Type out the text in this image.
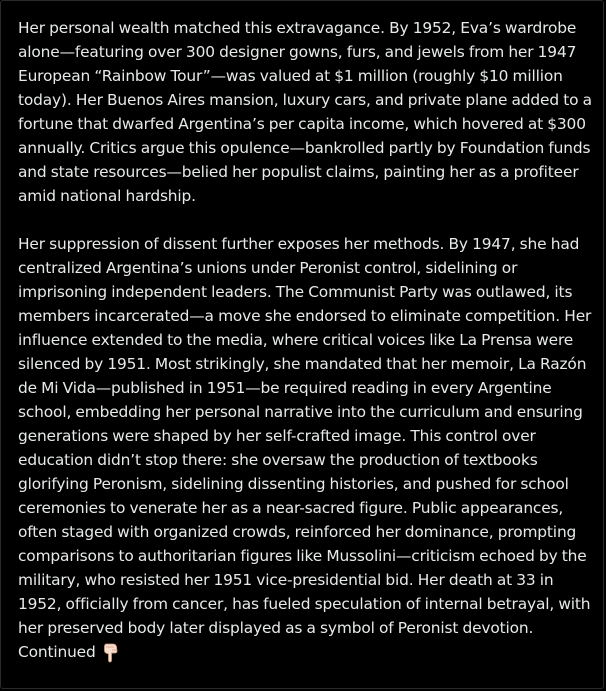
Her personal wealth matched this extravagance. By 1952, Eva’s wardrobe alone—featuring over 300 designer gowns, furs, and jewels from her 1947 European “Rainbow Tour”—was valued at $1 million (roughly $10 million today). Her Buenos Aires mansion, luxury cars, and private plane added to a fortune that dwarfed Argentina’s per capita income, which hovered at $300 annually. Critics argue this opulence—bankrolled partly by Foundation funds and state resources—belied her populist claims, painting her as a profiteer amid national hardship.

Her suppression of dissent further exposes her methods. By 1947, she had centralized Argentina’s unions under Peronist control, sidelining or imprisoning independent leaders. The Communist Party was outlawed, its members incarcerated—a move she endorsed to eliminate competition. Her influence extended to the media, where critical voices like La Prensa were silenced by 1951. Most strikingly, she mandated that her memoir, La Razón de Mi Vida—published in 1951—be required reading in every Argentine school, embedding her personal narrative into the curriculum and ensuring generations were shaped by her self-crafted image. This control over education didn’t stop there: she oversaw the production of textbooks glorifying Peronism, sidelining dissenting histories, and pushed for school ceremonies to venerate her as a near-sacred figure. Public appearances, often staged with organized crowds, reinforced her dominance, prompting comparisons to authoritarian figures like Mussolini—criticism echoed by the military, who resisted her 1951 vice-presidential bid. Her death at 33 in 1952, officially from cancer, has fueled speculation of internal betrayal, with her preserved body later displayed as a symbol of Peronist devotion.

Continued
